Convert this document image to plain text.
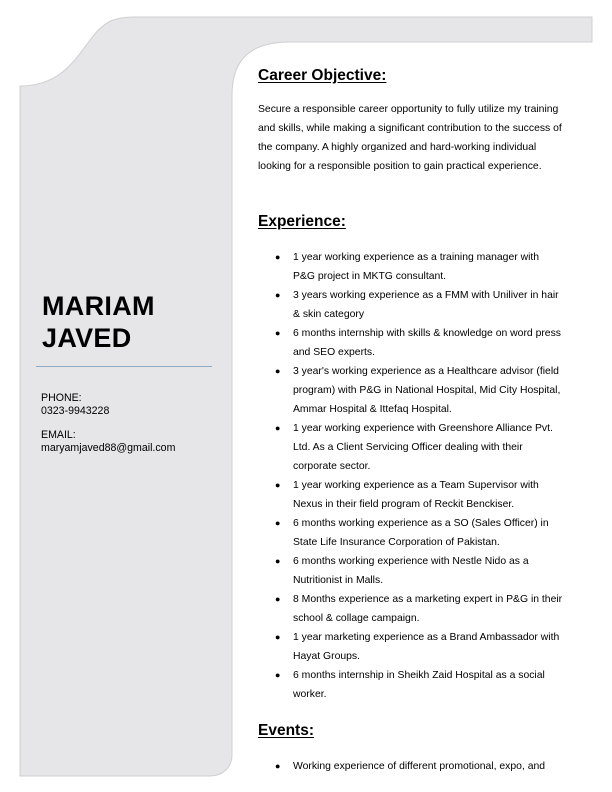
MARIAM
JAVED
PHONE:
0323-9943228
EMAIL:
maryamjaved88@gmail.com
Career Objective:
Secure a responsible career opportunity to fully utilize my training and skills, while making a significant contribution to the success of the company. A highly organized and hard-working individual looking for a responsible position to gain practical experience.
Experience:
● 1 year working experience as a training manager with P&G project in MKTG consultant.
● 3 years working experience as a FMM with Uniliver in hair & skin category
● 6 months internship with skills & knowledge on word press and SEO experts.
● 3 year's working experience as a Healthcare advisor (field program) with P&G in National Hospital, Mid City Hospital, Ammar Hospital & Ittefaq Hospital.
● 1 year working experience with Greenshore Alliance Pvt. Ltd. As a Client Servicing Officer dealing with their corporate sector.
● 1 year working experience as a Team Supervisor with Nexus in their field program of Reckit Benckiser.
● 6 months working experience as a SO (Sales Officer) in State Life Insurance Corporation of Pakistan.
● 6 months working experience with Nestle Nido as a Nutritionist in Malls.
● 8 Months experience as a marketing expert in P&G in their school & collage campaign.
● 1 year marketing experience as a Brand Ambassador with Hayat Groups.
● 6 months internship in Sheikh Zaid Hospital as a social worker.
Events:
● Working experience of different promotional, expo, and
